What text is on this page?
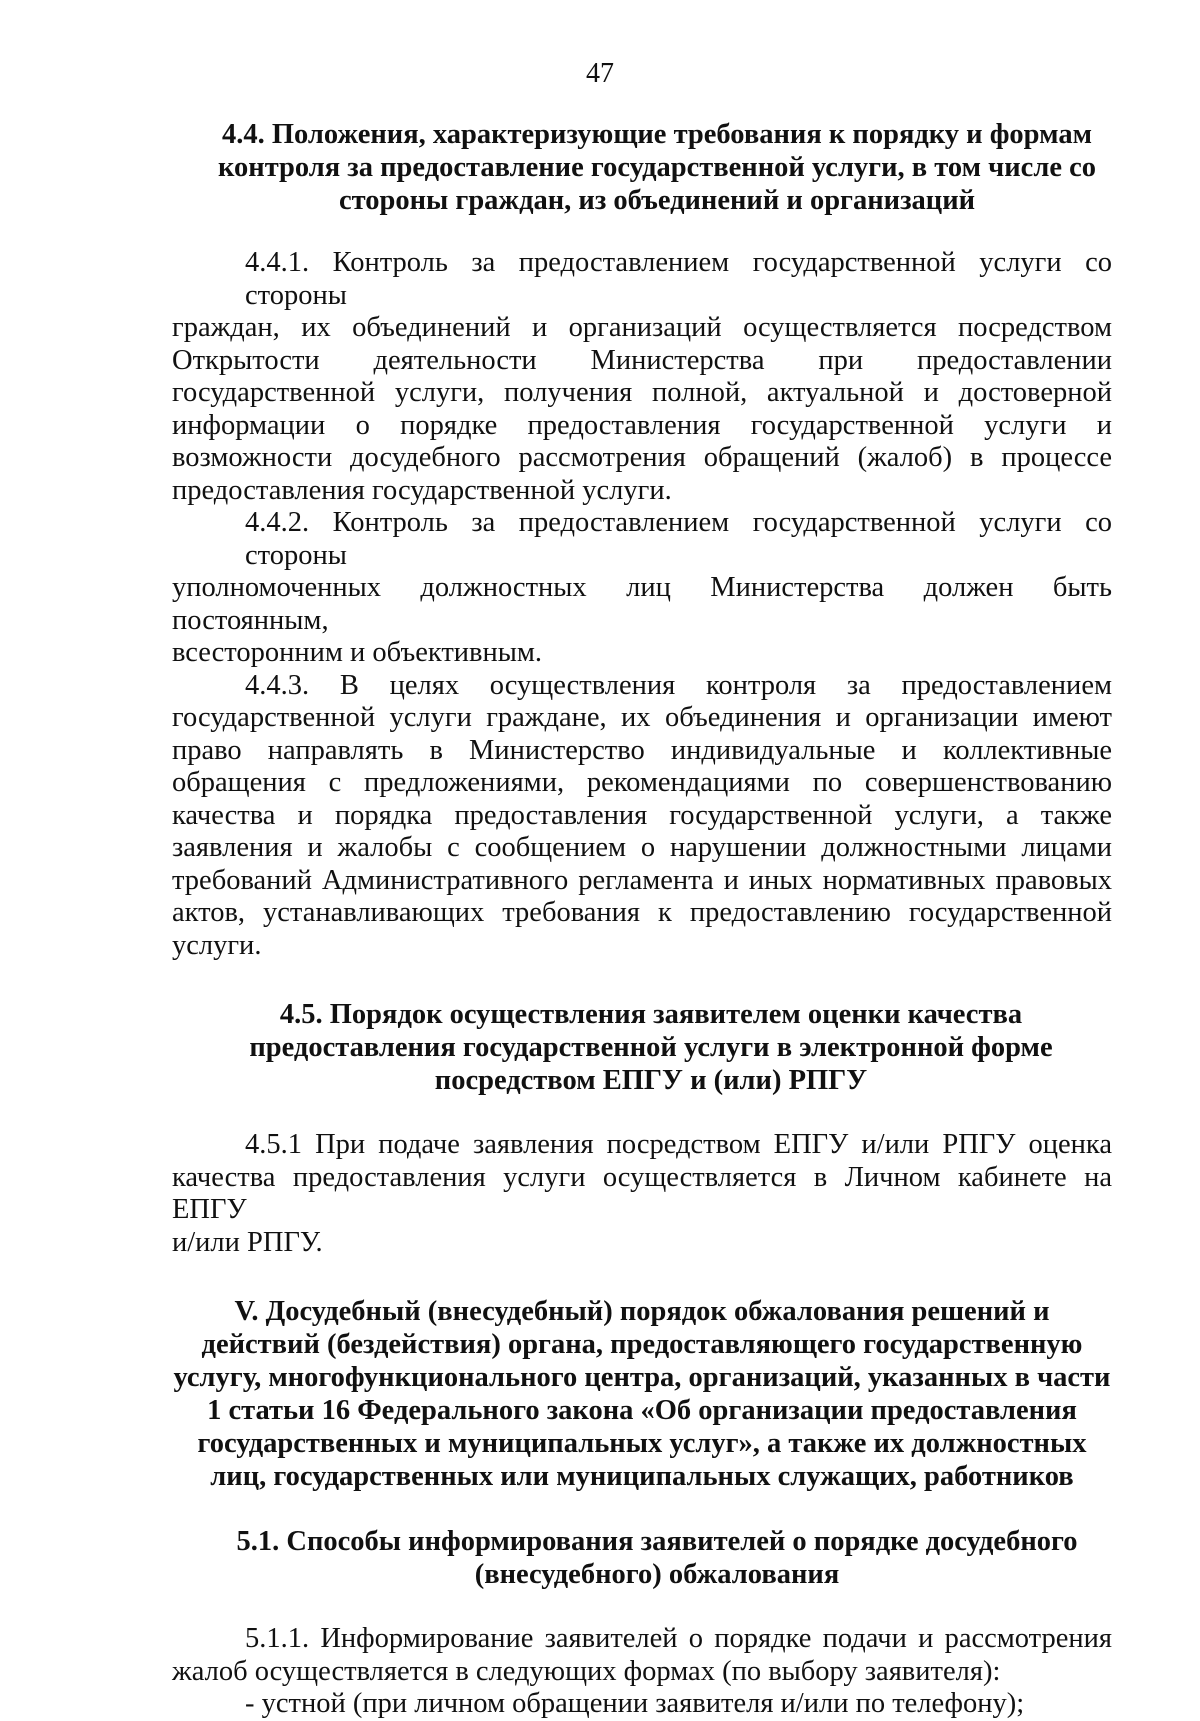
47
4.4. Положения, характеризующие требования к порядку и формам
контроля за предоставление государственной услуги, в том числе со
стороны граждан, из объединений и организаций
4.4.1. Контроль за предоставлением государственной услуги со стороны
граждан, их объединений и организаций осуществляется посредством
Открытости деятельности Министерства при предоставлении
государственной услуги, получения полной, актуальной и достоверной
информации о порядке предоставления государственной услуги и
возможности досудебного рассмотрения обращений (жалоб) в процессе
предоставления государственной услуги.
4.4.2. Контроль за предоставлением государственной услуги со стороны
уполномоченных должностных лиц Министерства должен быть постоянным,
всесторонним и объективным.
4.4.3. В целях осуществления контроля за предоставлением
государственной услуги граждане, их объединения и организации имеют
право направлять в Министерство индивидуальные и коллективные
обращения с предложениями, рекомендациями по совершенствованию
качества и порядка предоставления государственной услуги, а также
заявления и жалобы с сообщением о нарушении должностными лицами
требований Административного регламента и иных нормативных правовых
актов, устанавливающих требования к предоставлению государственной
услуги.
4.5. Порядок осуществления заявителем оценки качества
предоставления государственной услуги в электронной форме
посредством ЕПГУ и (или) РПГУ
4.5.1 При подаче заявления посредством ЕПГУ и/или РПГУ оценка
качества предоставления услуги осуществляется в Личном кабинете на ЕПГУ
и/или РПГУ.
V. Досудебный (внесудебный) порядок обжалования решений и
действий (бездействия) органа, предоставляющего государственную
услугу, многофункционального центра, организаций, указанных в части
1 статьи 16 Федерального закона «Об организации предоставления
государственных и муниципальных услуг», а также их должностных
лиц, государственных или муниципальных служащих, работников
5.1. Способы информирования заявителей о порядке досудебного
(внесудебного) обжалования
5.1.1. Информирование заявителей о порядке подачи и рассмотрения
жалоб осуществляется в следующих формах (по выбору заявителя):
- устной (при личном обращении заявителя и/или по телефону);
